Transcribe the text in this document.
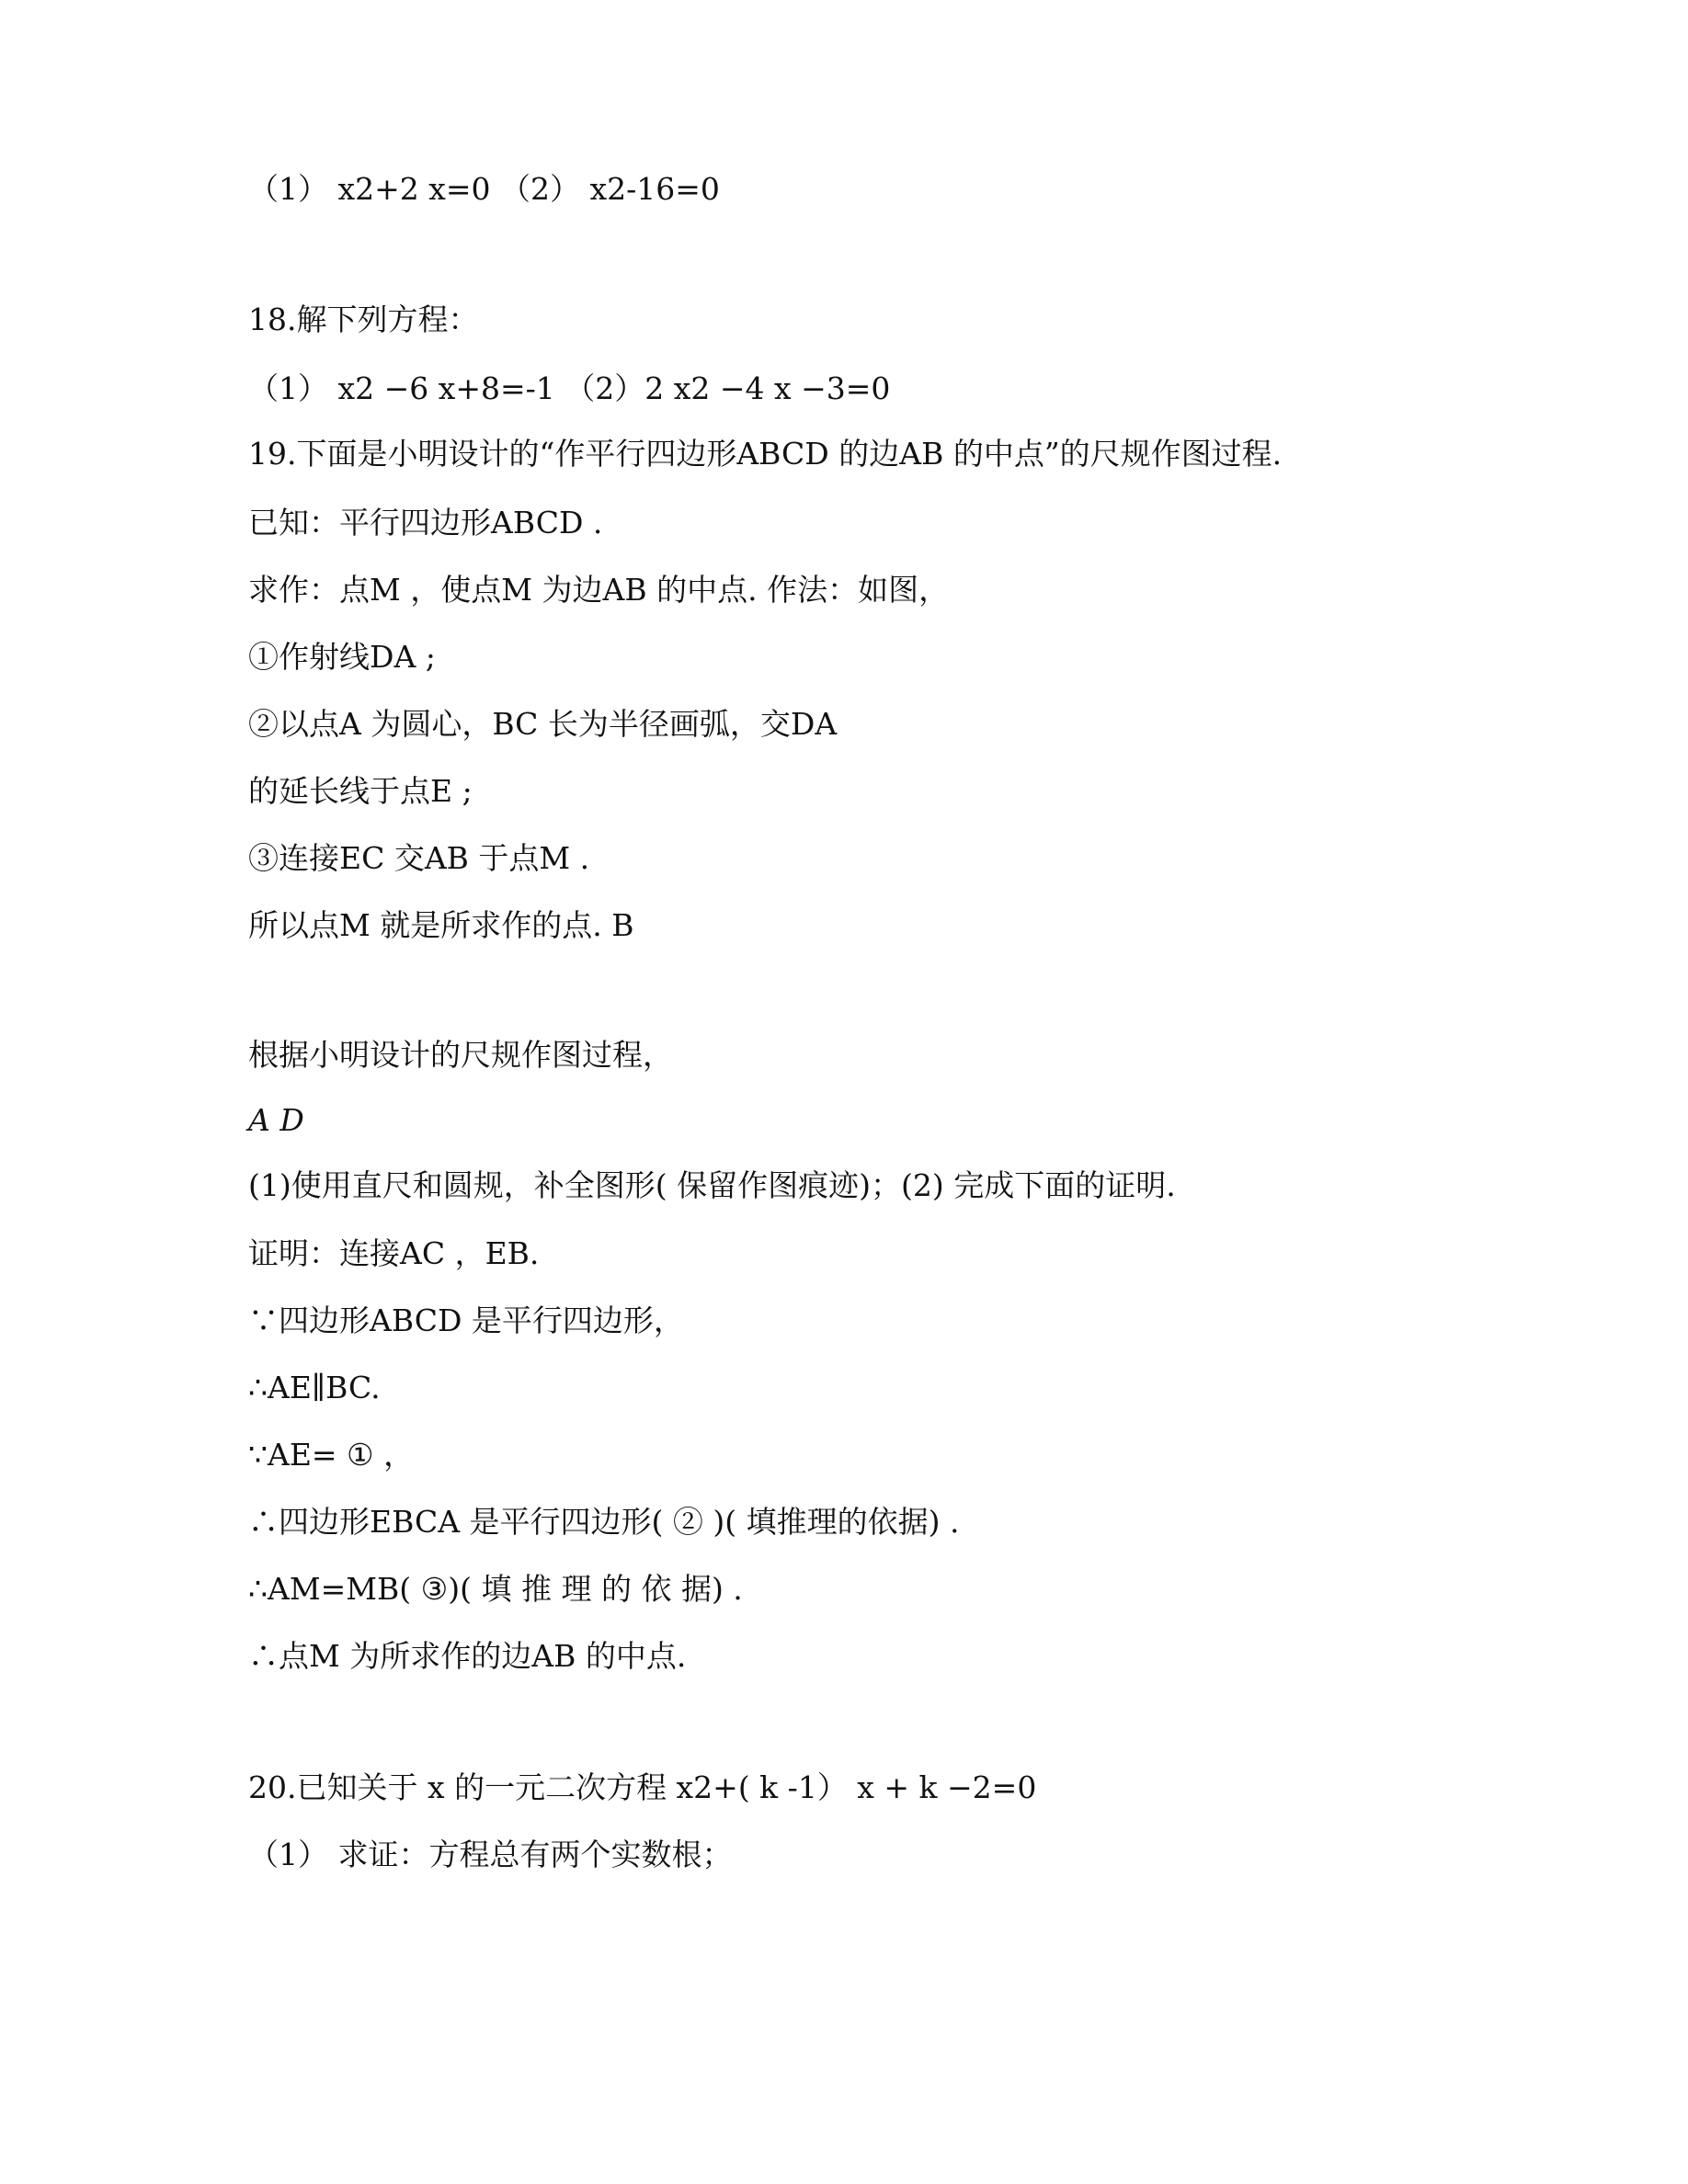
（1） x2+2 x=0 （2） x2-16=0
18.解下列方程：
（1） x2 −6 x+8=-1 （2）2 x2 −4 x −3=0
19.下面是小明设计的“作平行四边形ABCD 的边AB 的中点”的尺规作图过程.
已知：平行四边形ABCD .
求作：点M ，使点M 为边AB 的中点. 作法：如图，
①作射线DA ;
②以点A 为圆心，BC 长为半径画弧，交DA
的延长线于点E ;
③连接EC 交AB 于点M .
所以点M 就是所求作的点. B
根据小明设计的尺规作图过程，
A D
(1)使用直尺和圆规，补全图形( 保留作图痕迹)；(2) 完成下面的证明.
证明：连接AC ，EB.
∵四边形ABCD 是平行四边形，
∴AE∥BC.
∵AE= ① ，
∴四边形EBCA 是平行四边形( ② )( 填推理的依据) .
∴AM=MB( ③)( 填 推 理 的 依 据) .
∴点M 为所求作的边AB 的中点.
20.已知关于 x 的一元二次方程 x2+( k -1） x + k −2=0
（1） 求证：方程总有两个实数根；
